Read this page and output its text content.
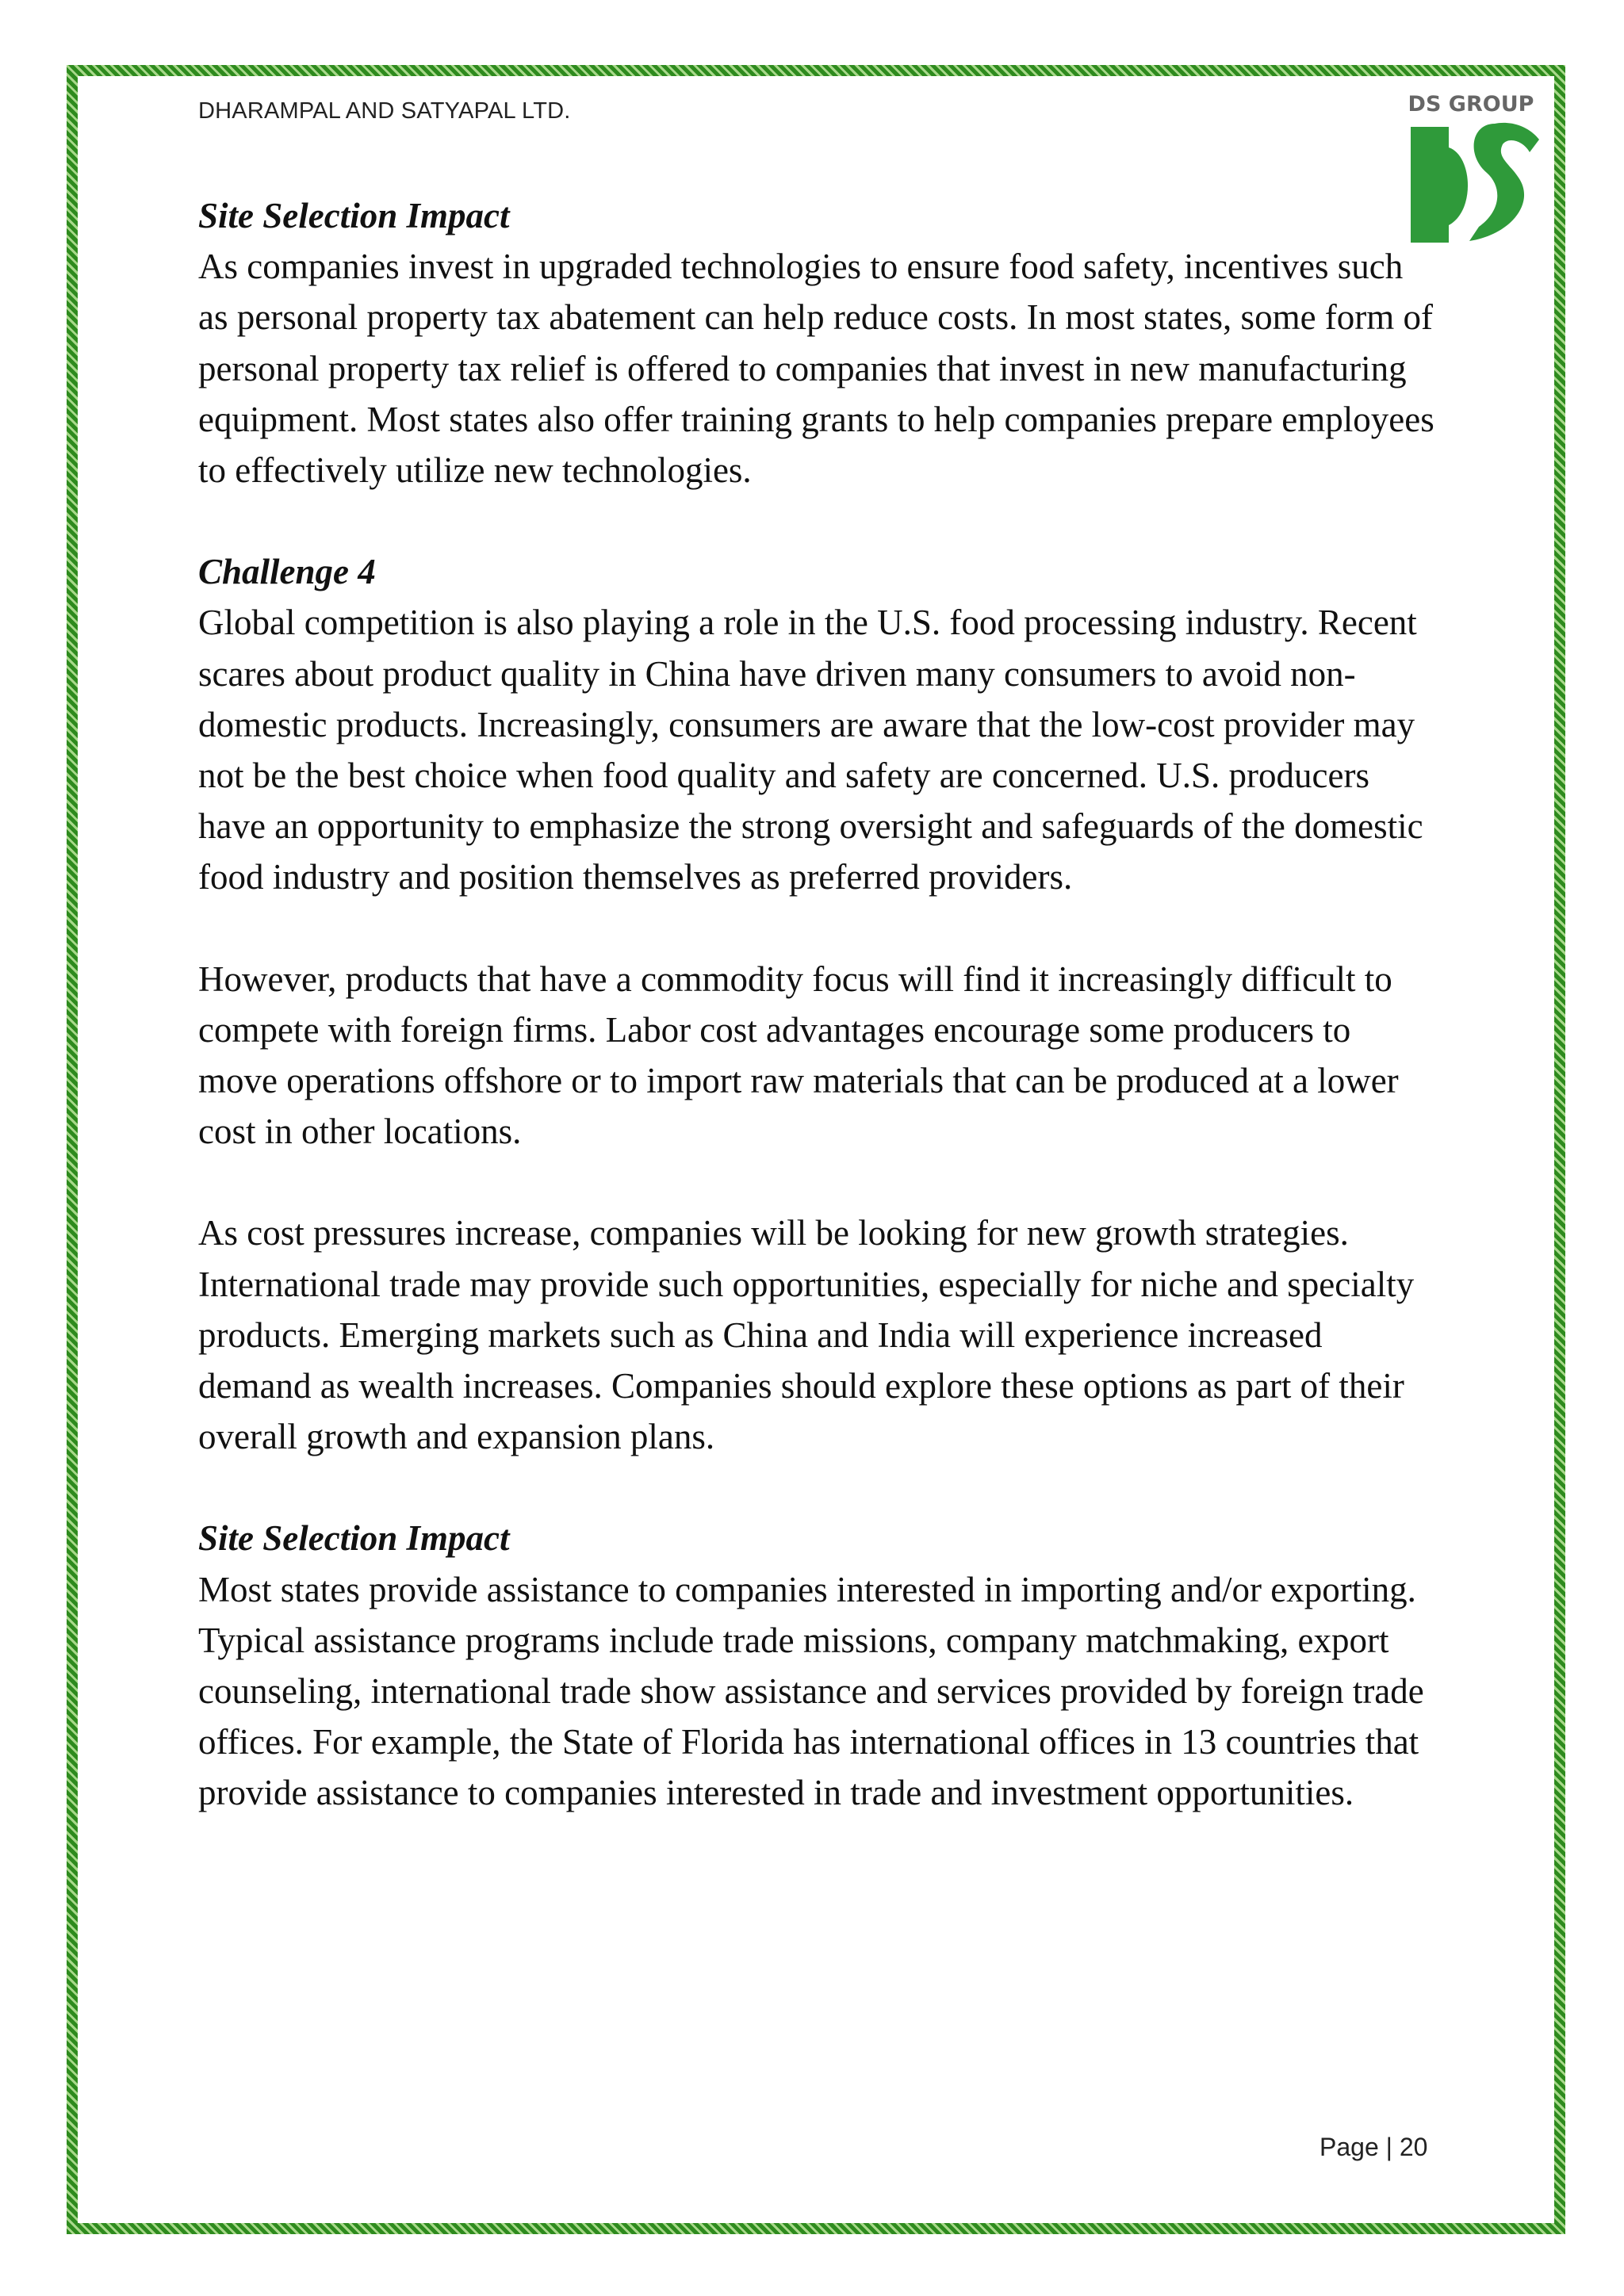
DHARAMPAL AND SATYAPAL LTD.	DS GROUP
Site Selection Impact

As companies invest in upgraded technologies to ensure food safety, incentives such as personal property tax abatement can help reduce costs. In most states, some form of personal property tax relief is offered to companies that invest in new manufacturing equipment. Most states also offer training grants to help companies prepare employees to effectively utilize new technologies.

Challenge 4

Global competition is also playing a role in the U.S. food processing industry. Recent scares about product quality in China have driven many consumers to avoid non-domestic products. Increasingly, consumers are aware that the low-cost provider may not be the best choice when food quality and safety are concerned. U.S. producers have an opportunity to emphasize the strong oversight and safeguards of the domestic food industry and position themselves as preferred providers.

However, products that have a commodity focus will find it increasingly difficult to compete with foreign firms. Labor cost advantages encourage some producers to move operations offshore or to import raw materials that can be produced at a lower cost in other locations.

As cost pressures increase, companies will be looking for new growth strategies. International trade may provide such opportunities, especially for niche and specialty products. Emerging markets such as China and India will experience increased demand as wealth increases. Companies should explore these options as part of their overall growth and expansion plans.

Site Selection Impact

Most states provide assistance to companies interested in importing and/or exporting. Typical assistance programs include trade missions, company matchmaking, export counseling, international trade show assistance and services provided by foreign trade offices. For example, the State of Florida has international offices in 13 countries that provide assistance to companies interested in trade and investment opportunities.

Page | 20
